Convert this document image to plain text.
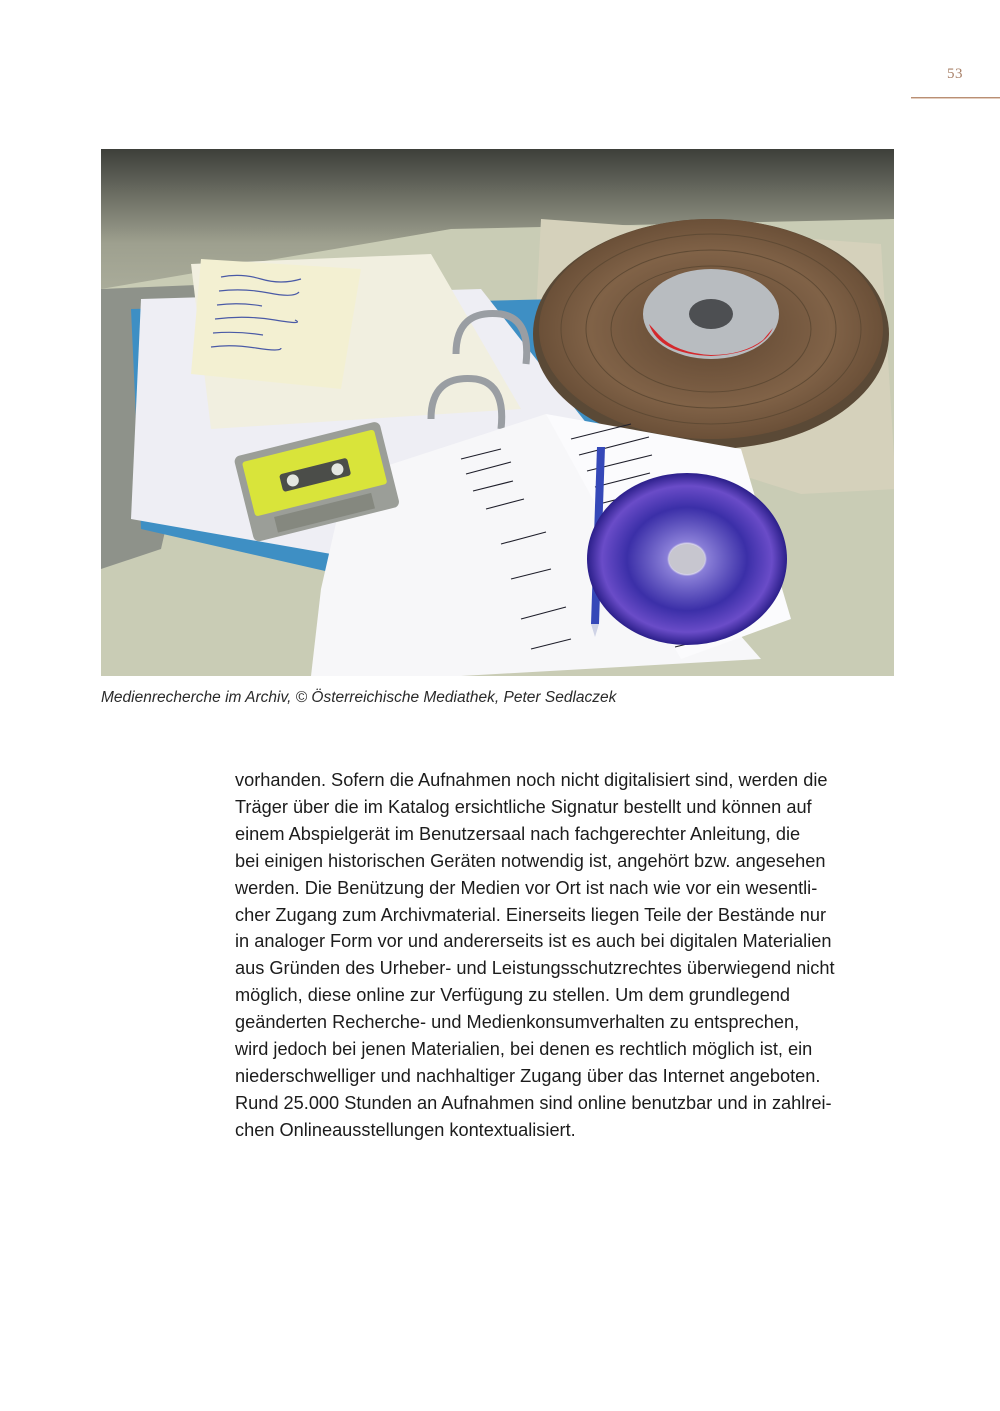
53
Medienrecherche im Archiv, © Österreichische Mediathek, Peter Sedlaczek

vorhanden. Sofern die Aufnahmen noch nicht digitalisiert sind, werden die
Träger über die im Katalog ersichtliche Signatur bestellt und können auf
einem Abspielgerät im Benutzersaal nach fachgerechter Anleitung, die
bei einigen historischen Geräten notwendig ist, angehört bzw. angesehen
werden. Die Benützung der Medien vor Ort ist nach wie vor ein wesentli-
cher Zugang zum Archivmaterial. Einerseits liegen Teile der Bestände nur
in analoger Form vor und andererseits ist es auch bei digitalen Materialien
aus Gründen des Urheber- und Leistungsschutzrechtes überwiegend nicht
möglich, diese online zur Verfügung zu stellen. Um dem grundlegend
geänderten Recherche- und Medienkonsumverhalten zu entsprechen,
wird jedoch bei jenen Materialien, bei denen es rechtlich möglich ist, ein
niederschwelliger und nachhaltiger Zugang über das Internet angeboten.
Rund 25.000 Stunden an Aufnahmen sind online benutzbar und in zahlrei-
chen Onlineausstellungen kontextualisiert.
